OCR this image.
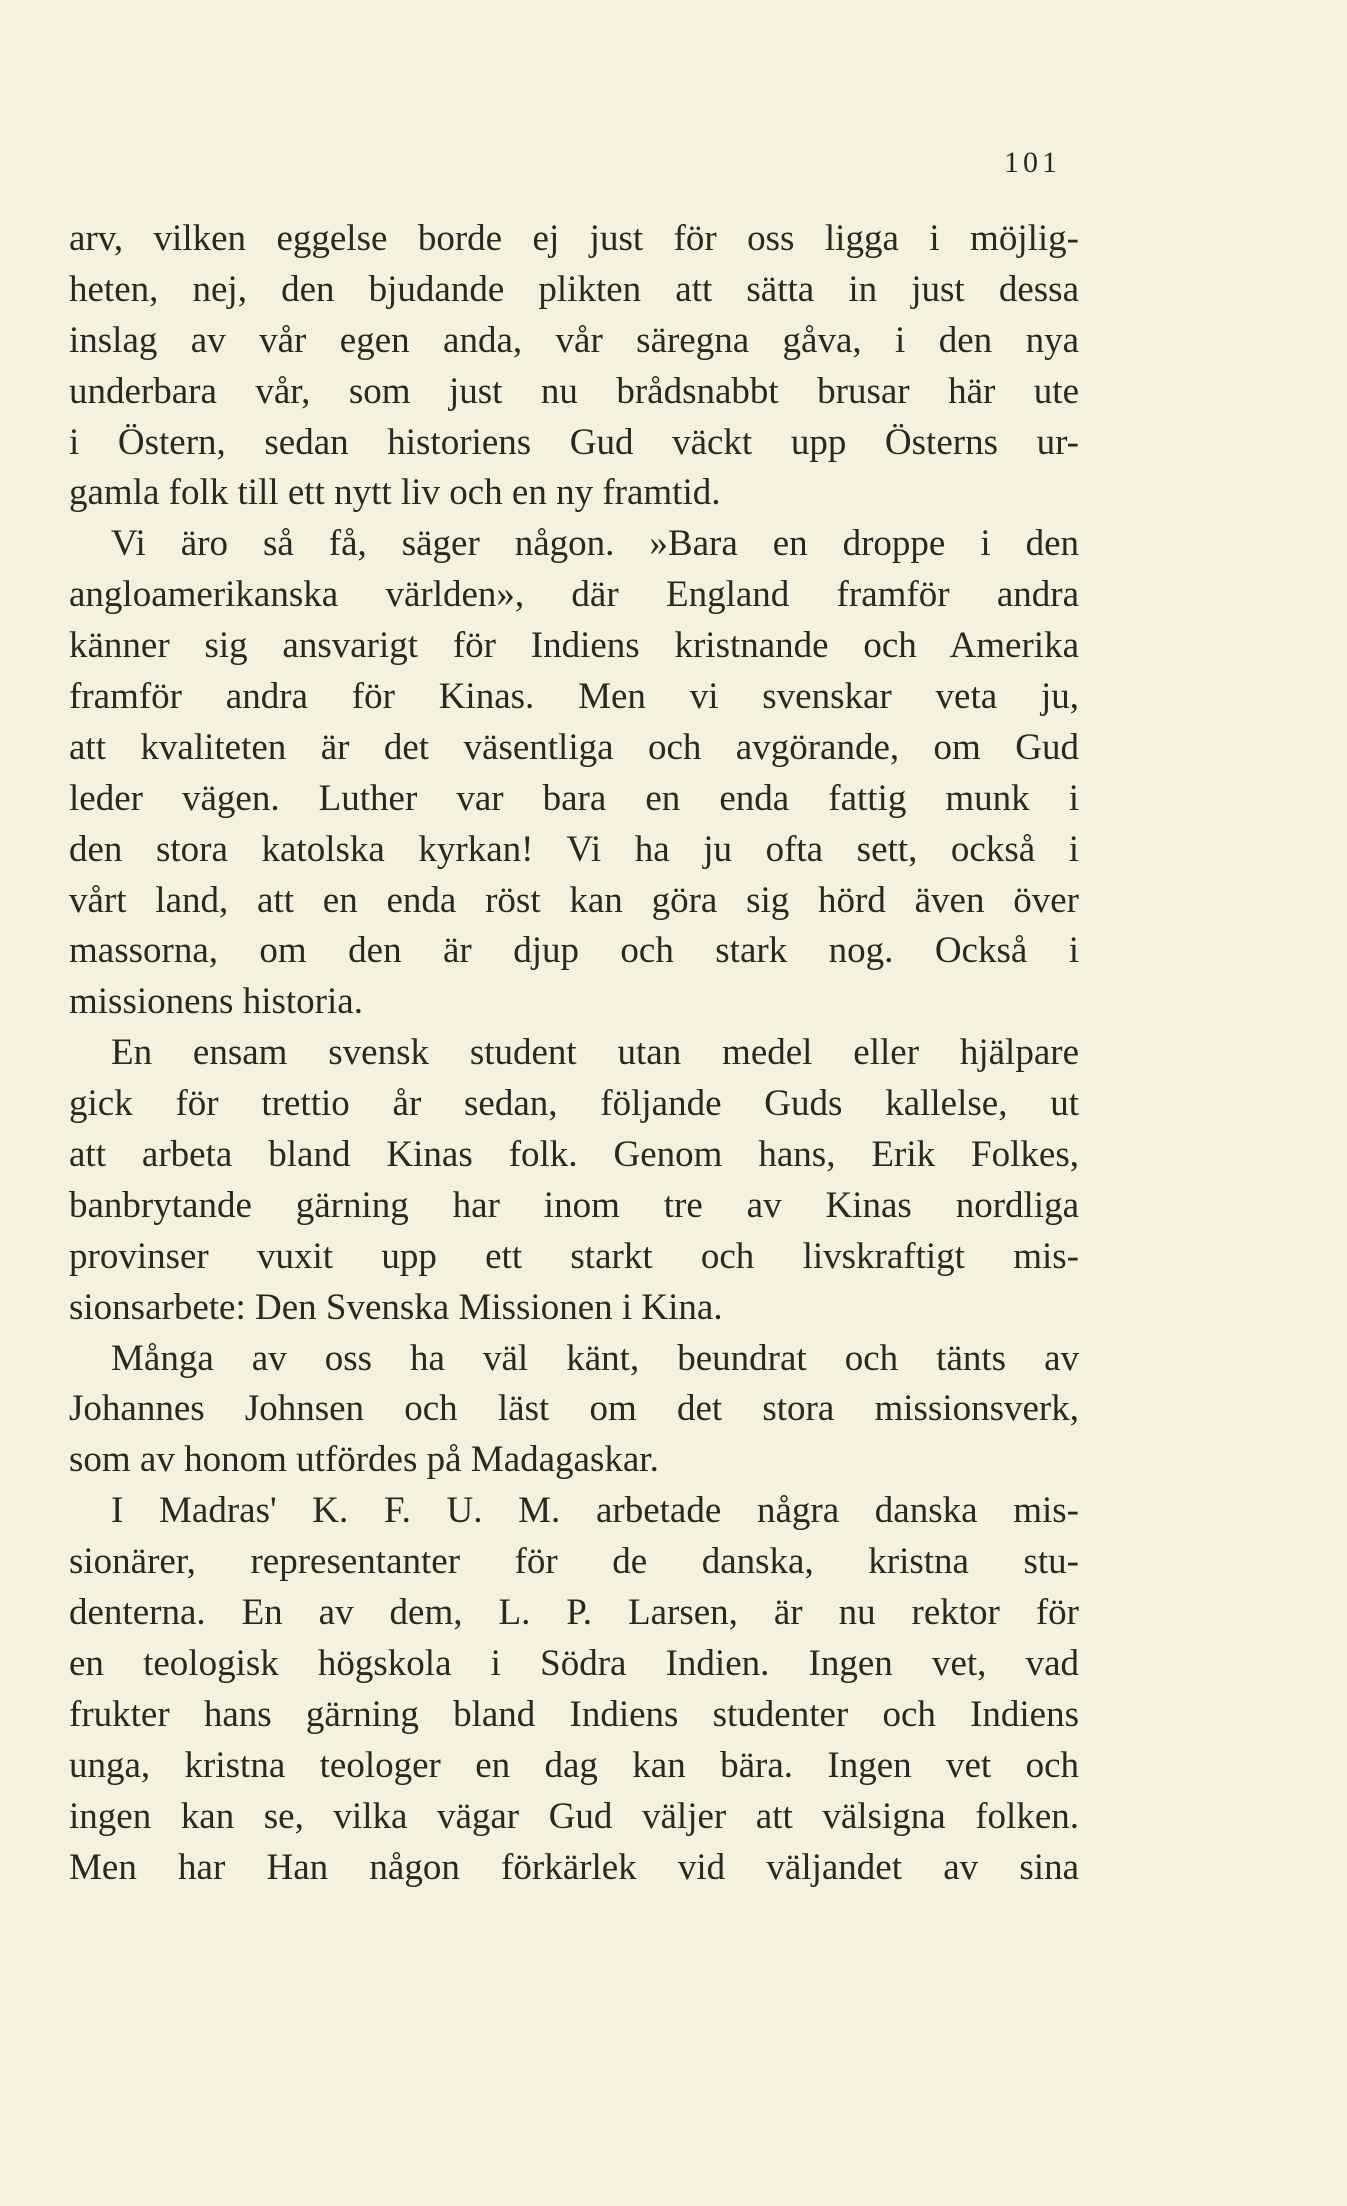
101
arv, vilken eggelse borde ej just för oss ligga i möjlig-
heten, nej, den bjudande plikten att sätta in just dessa
inslag av vår egen anda, vår säregna gåva, i den nya
underbara vår, som just nu brådsnabbt brusar här ute
i Östern, sedan historiens Gud väckt upp Österns ur-
gamla folk till ett nytt liv och en ny framtid.
Vi äro så få, säger någon. »Bara en droppe i den
angloamerikanska världen», där England framför andra
känner sig ansvarigt för Indiens kristnande och Amerika
framför andra för Kinas. Men vi svenskar veta ju,
att kvaliteten är det väsentliga och avgörande, om Gud
leder vägen. Luther var bara en enda fattig munk i
den stora katolska kyrkan! Vi ha ju ofta sett, också i
vårt land, att en enda röst kan göra sig hörd även över
massorna, om den är djup och stark nog. Också i
missionens historia.
En ensam svensk student utan medel eller hjälpare
gick för trettio år sedan, följande Guds kallelse, ut
att arbeta bland Kinas folk. Genom hans, Erik Folkes,
banbrytande gärning har inom tre av Kinas nordliga
provinser vuxit upp ett starkt och livskraftigt mis-
sionsarbete: Den Svenska Missionen i Kina.
Många av oss ha väl känt, beundrat och tänts av
Johannes Johnsen och läst om det stora missionsverk,
som av honom utfördes på Madagaskar.
I Madras' K. F. U. M. arbetade några danska mis-
sionärer, representanter för de danska, kristna stu-
denterna. En av dem, L. P. Larsen, är nu rektor för
en teologisk högskola i Södra Indien. Ingen vet, vad
frukter hans gärning bland Indiens studenter och Indiens
unga, kristna teologer en dag kan bära. Ingen vet och
ingen kan se, vilka vägar Gud väljer att välsigna folken.
Men har Han någon förkärlek vid väljandet av sina
